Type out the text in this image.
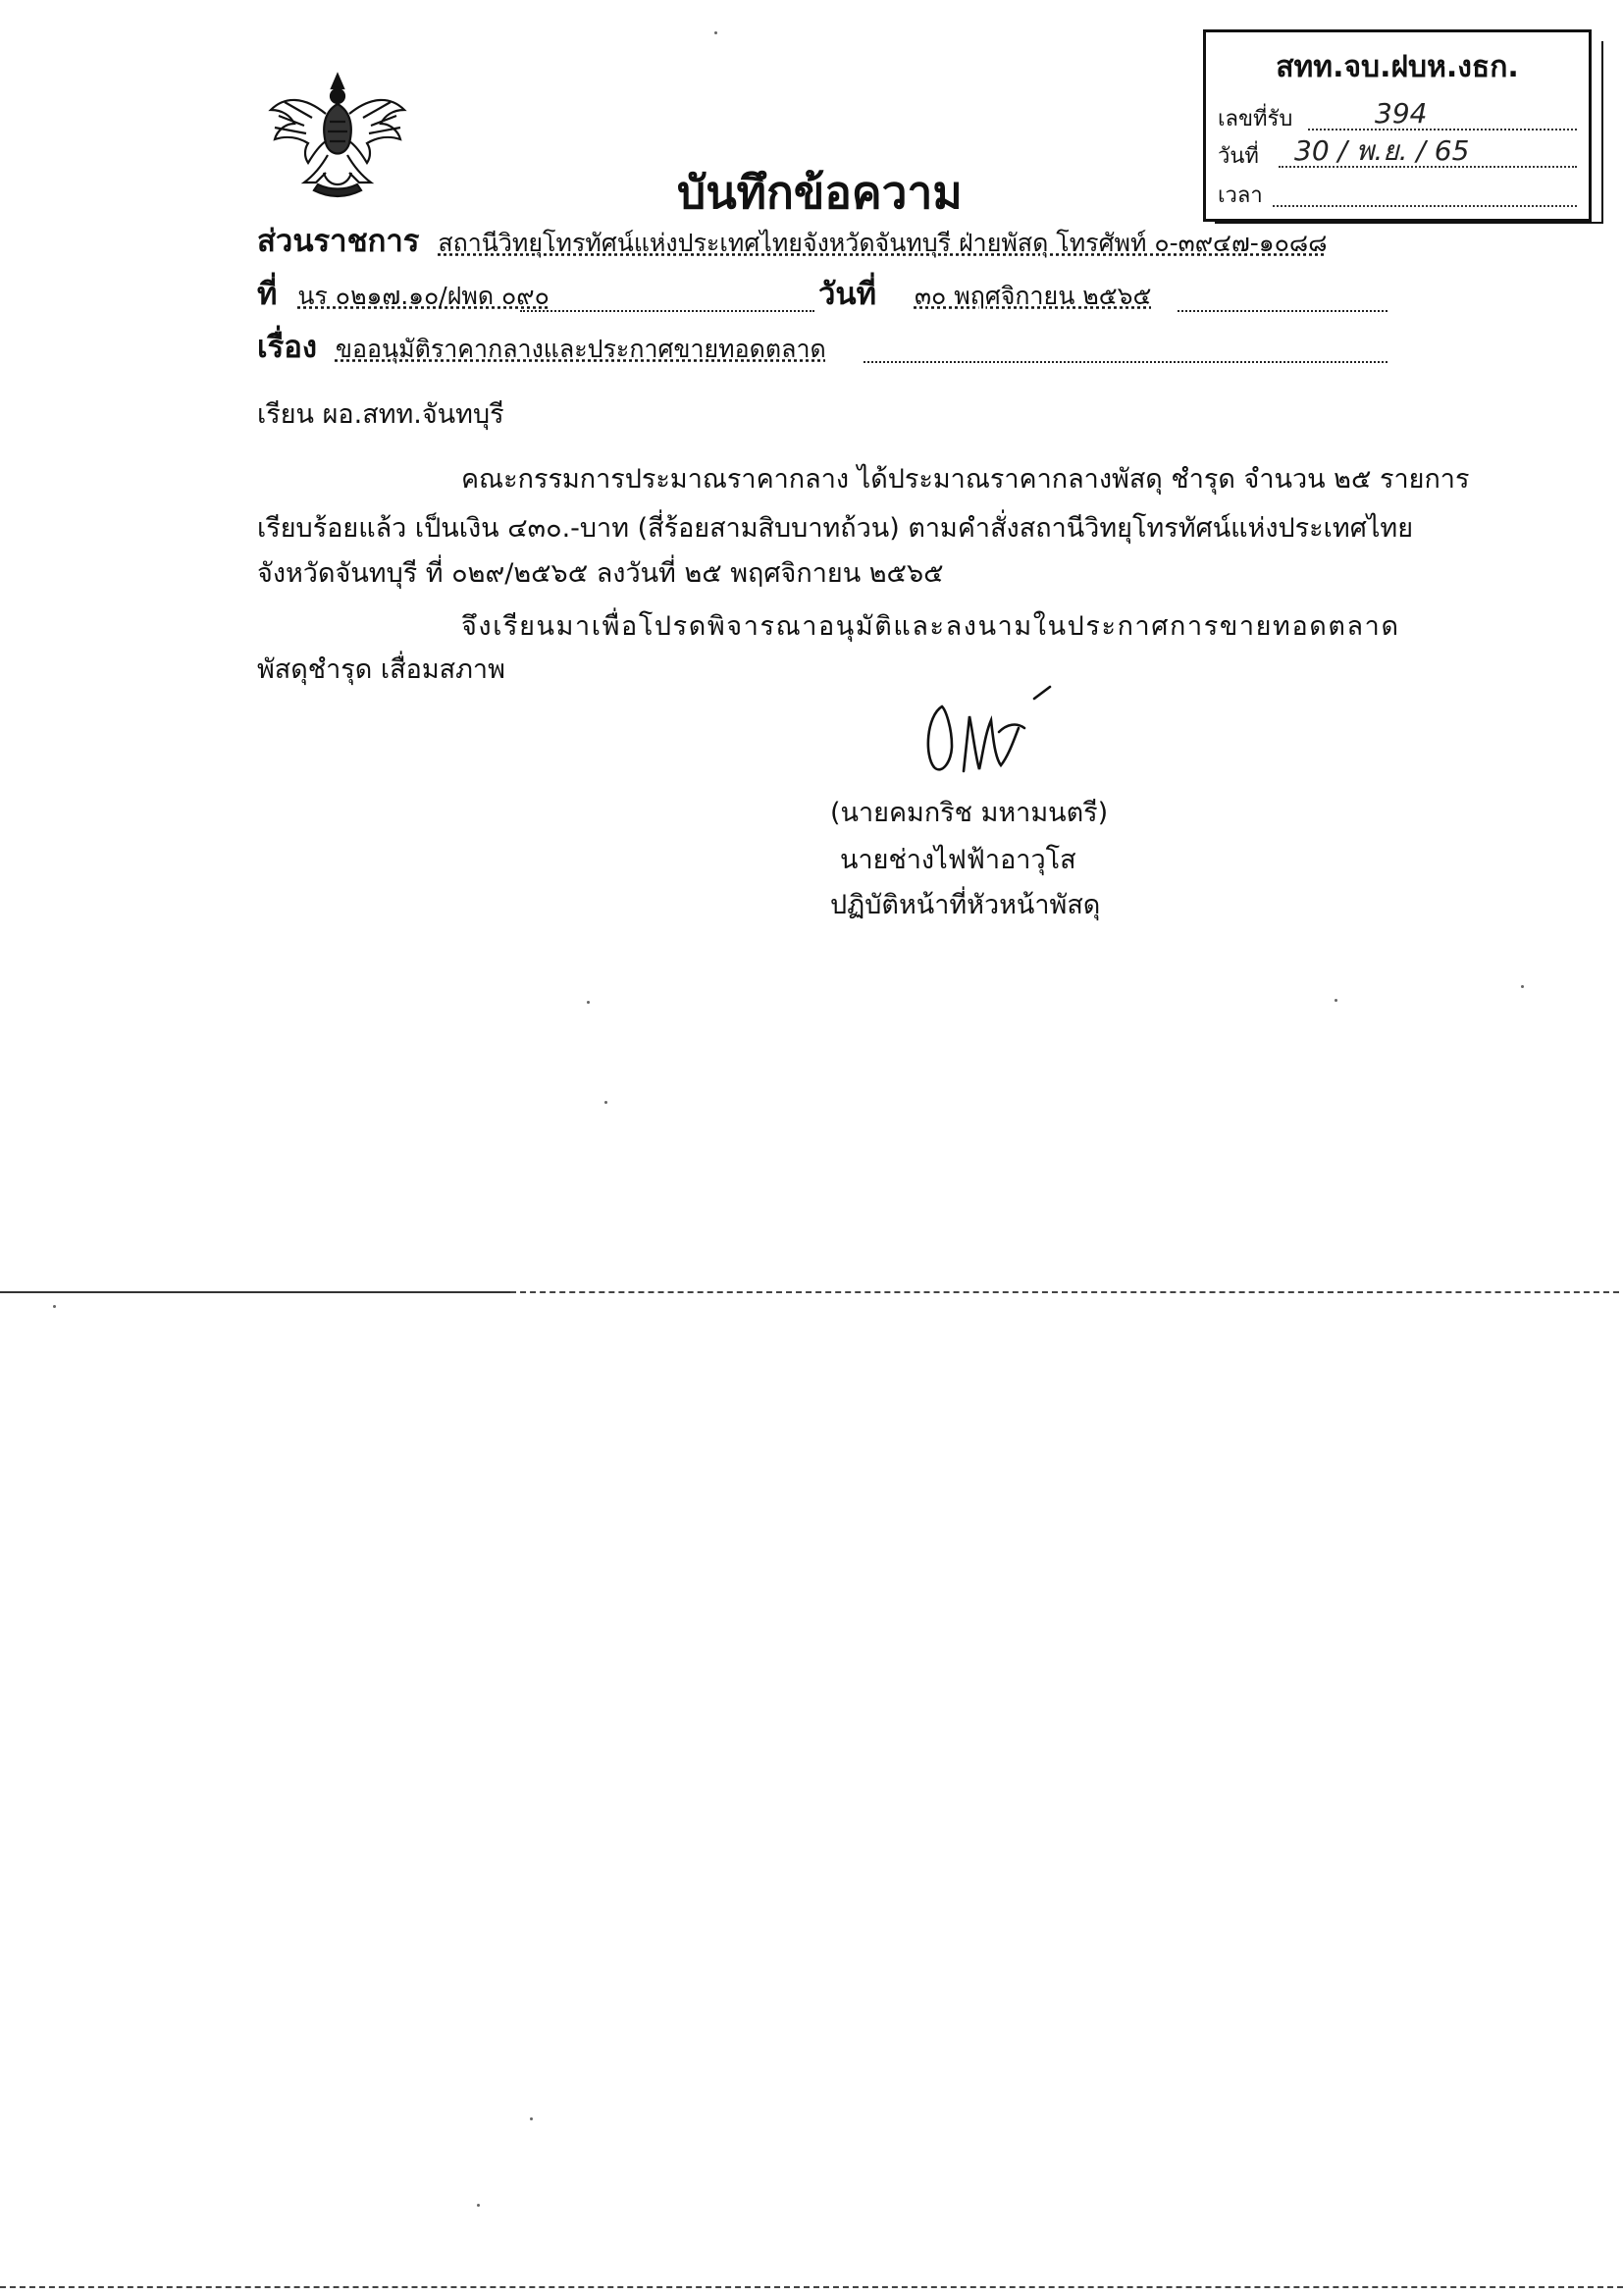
สทท.จบ.ฝบห.งธก.
เลขที่รับ	394
วันที่ 30 / พ.ย. / 65
เวลา
บันทึกข้อความ
ส่วนราชการ สถานีวิทยุโทรทัศน์แห่งประเทศไทยจังหวัดจันทบุรี ฝ่ายพัสดุ โทรศัพท์ ๐-๓๙๔๗-๑๐๘๘
ที่ นร ๐๒๑๗.๑๐/ฝพด ๐๙๐	วันที่ ๓๐ พฤศจิกายน ๒๕๖๕
เรื่อง ขออนุมัติราคากลางและประกาศขายทอดตลาด
เรียน ผอ.สทท.จันทบุรี
คณะกรรมการประมาณราคากลาง ได้ประมาณราคากลางพัสดุ ชำรุด จำนวน ๒๕ รายการ
เรียบร้อยแล้ว เป็นเงิน ๔๓๐.-บาท (สี่ร้อยสามสิบบาทถ้วน) ตามคำสั่งสถานีวิทยุโทรทัศน์แห่งประเทศไทย
จังหวัดจันทบุรี ที่ ๐๒๙/๒๕๖๕ ลงวันที่ ๒๕ พฤศจิกายน ๒๕๖๕
จึงเรียนมาเพื่อโปรดพิจารณาอนุมัติและลงนามในประกาศการขายทอดตลาด
พัสดุชำรุด เสื่อมสภาพ
(นายคมกริช มหามนตรี)
นายช่างไฟฟ้าอาวุโส
ปฏิบัติหน้าที่หัวหน้าพัสดุ
